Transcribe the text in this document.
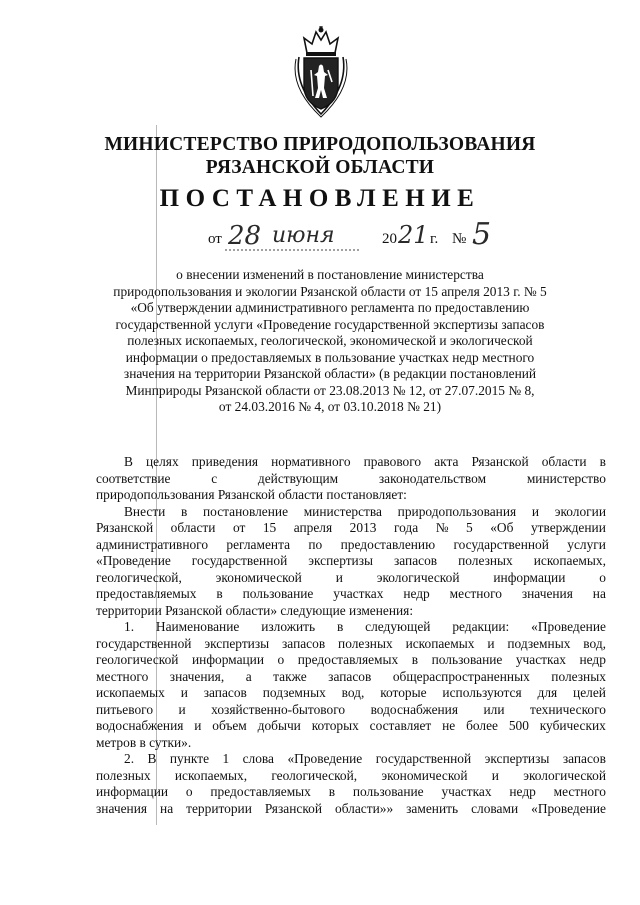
МИНИСТЕРСТВО ПРИРОДОПОЛЬЗОВАНИЯ
РЯЗАНСКОЙ ОБЛАСТИ
ПОСТАНОВЛЕНИЕ
от 28 июня	20 21 г. № 5
о внесении изменений в постановление министерства
природопользования и экологии Рязанской области от 15 апреля 2013 г. № 5
«Об утверждении административного регламента по предоставлению
государственной услуги «Проведение государственной экспертизы запасов
полезных ископаемых, геологической, экономической и экологической
информации о предоставляемых в пользование участках недр местного
значения на территории Рязанской области» (в редакции постановлений
Минприроды Рязанской области от 23.08.2013 № 12, от 27.07.2015 № 8,
от 24.03.2016 № 4, от 03.10.2018 № 21)
В целях приведения нормативного правового акта Рязанской области в
соответствие	с	действующим	законодательством	министерство
природопользования Рязанской области постановляет:
Внести в постановление министерства природопользования и экологии
Рязанской области от 15 апреля 2013 года № 5 «Об утверждении
административного регламента по предоставлению государственной услуги
«Проведение государственной экспертизы запасов полезных ископаемых,
геологической,	экономической	и	экологической	информации	о
предоставляемых в пользование участках недр местного значения на
территории Рязанской области» следующие изменения:
1. Наименование изложить в следующей редакции: «Проведение
государственной экспертизы запасов полезных ископаемых и подземных вод,
геологической информации о предоставляемых в пользование участках недр
местного значения, а также запасов общераспространенных полезных
ископаемых и запасов подземных вод, которые используются для целей
питьевого и хозяйственно-бытового водоснабжения или технического
водоснабжения и объем добычи которых составляет не более 500 кубических
метров в сутки».
2. В пункте 1 слова «Проведение государственной экспертизы запасов
полезных ископаемых, геологической, экономической и экологической
информации о предоставляемых в пользование участках недр местного
значения на территории Рязанской области»» заменить словами «Проведение
